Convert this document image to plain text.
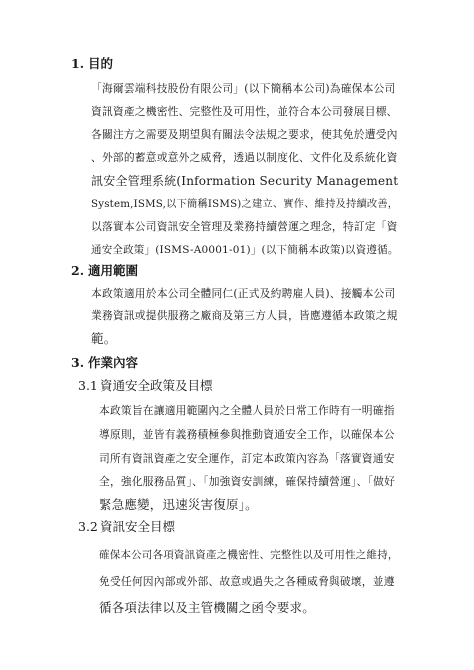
1. 目的
「海爾雲端科技股份有限公司」(以下簡稱本公司)為確保本公司
資訊資產之機密性、完整性及可用性，並符合本公司發展目標、
各關注方之需要及期望與有關法令法規之要求，使其免於遭受內
、外部的蓄意或意外之威脅，透過以制度化、文件化及系統化資
訊安全管理系統(Information Security Management
System,ISMS,以下簡稱ISMS)之建立、實作、維持及持續改善，
以落實本公司資訊安全管理及業務持續營運之理念，特訂定「資
通安全政策」(ISMS-A0001-01)」(以下簡稱本政策)以資遵循。
2. 適用範圍
本政策適用於本公司全體同仁(正式及約聘雇人員)、接觸本公司
業務資訊或提供服務之廠商及第三方人員，皆應遵循本政策之規
範。
3. 作業內容
3.1 資通安全政策及目標
本政策旨在讓適用範圍內之全體人員於日常工作時有一明確指
導原則，並皆有義務積極參與推動資通安全工作，以確保本公
司所有資訊資產之安全運作，訂定本政策內容為「落實資通安
全，強化服務品質」、「加強資安訓練，確保持續營運」、「做好
緊急應變，迅速災害復原」。
3.2 資訊安全目標
確保本公司各項資訊資產之機密性、完整性以及可用性之維持，
免受任何因內部或外部、故意或過失之各種威脅與破壞，並遵
循各項法律以及主管機關之函令要求。
